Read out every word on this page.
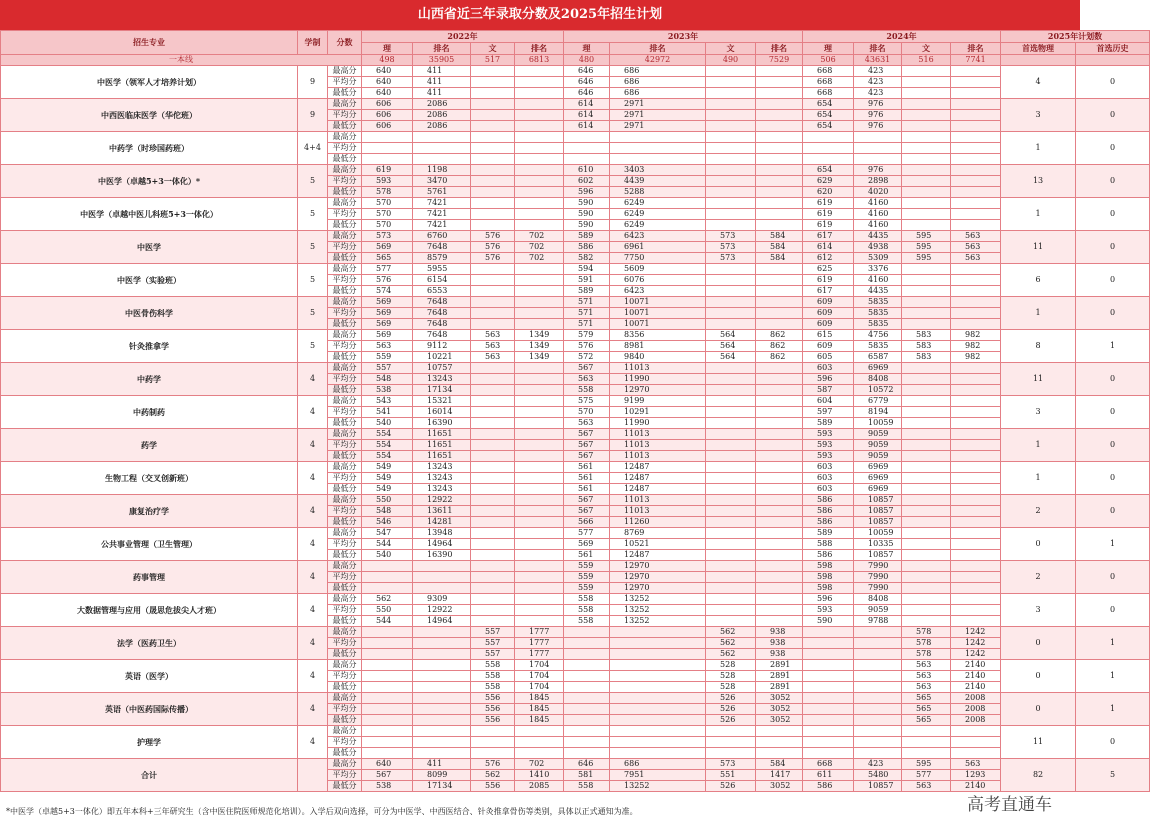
山西省近三年录取分数及2025年招生计划
招生专业	学制	分数	2022年				2023年				2024年				2025年计划数	
			理	排名	文	排名	理	排名	文	排名	理	排名	文	排名	首选物理	首选历史
一本线			498	35905	517	6813	480	42972	490	7529	506	43631	516	7741		
中医学（领军人才培养计划）	9	最高分	640	411			646	686			668	423			4	0
		平均分	640	411			646	686			668	423				
		最低分	640	411			646	686			668	423				
中西医临床医学（华佗班）	9	最高分	606	2086			614	2971			654	976			3	0
		平均分	606	2086			614	2971			654	976				
		最低分	606	2086			614	2971			654	976				
中药学（时珍国药班）	4+4	最高分													1	0
		平均分														
		最低分														
中医学（卓越5+3一体化）*	5	最高分	619	1198			610	3403			654	976			13	0
		平均分	593	3470			602	4439			629	2898				
		最低分	578	5761			596	5288			620	4020				
中医学（卓越中医儿科班5+3一体化）	5	最高分	570	7421			590	6249			619	4160			1	0
		平均分	570	7421			590	6249			619	4160				
		最低分	570	7421			590	6249			619	4160				
中医学	5	最高分	573	6760	576	702	589	6423	573	584	617	4435	595	563	11	0
		平均分	569	7648	576	702	586	6961	573	584	614	4938	595	563		
		最低分	565	8579	576	702	582	7750	573	584	612	5309	595	563		
中医学（实验班）	5	最高分	577	5955			594	5609			625	3376			6	0
		平均分	576	6154			591	6076			619	4160				
		最低分	574	6553			589	6423			617	4435				
中医骨伤科学	5	最高分	569	7648			571	10071			609	5835			1	0
		平均分	569	7648			571	10071			609	5835				
		最低分	569	7648			571	10071			609	5835				
针灸推拿学	5	最高分	569	7648	563	1349	579	8356	564	862	615	4756	583	982	8	1
		平均分	563	9112	563	1349	576	8981	564	862	609	5835	583	982		
		最低分	559	10221	563	1349	572	9840	564	862	605	6587	583	982		
中药学	4	最高分	557	10757			567	11013			603	6969			11	0
		平均分	548	13243			563	11990			596	8408				
		最低分	538	17134			558	12970			587	10572				
中药制药	4	最高分	543	15321			575	9199			604	6779			3	0
		平均分	541	16014			570	10291			597	8194				
		最低分	540	16390			563	11990			589	10059				
药学	4	最高分	554	11651			567	11013			593	9059			1	0
		平均分	554	11651			567	11013			593	9059				
		最低分	554	11651			567	11013			593	9059				
生物工程（交叉创新班）	4	最高分	549	13243			561	12487			603	6969			1	0
		平均分	549	13243			561	12487			603	6969				
		最低分	549	13243			561	12487			603	6969				
康复治疗学	4	最高分	550	12922			567	11013			586	10857			2	0
		平均分	548	13611			567	11013			586	10857				
		最低分	546	14281			566	11260			586	10857				
公共事业管理（卫生管理）	4	最高分	547	13948			577	8769			589	10059			0	1
		平均分	544	14964			569	10521			588	10335				
		最低分	540	16390			561	12487			586	10857				
药事管理	4	最高分					559	12970			598	7990			2	0
		平均分					559	12970			598	7990				
		最低分					559	12970			598	7990				
大数据管理与应用（晟思危拔尖人才班）	4	最高分	562	9309			558	13252			596	8408			3	0
		平均分	550	12922			558	13252			593	9059				
		最低分	544	14964			558	13252			590	9788				
法学（医药卫生）	4	最高分			557	1777			562	938			578	1242	0	1
		平均分			557	1777			562	938			578	1242		
		最低分			557	1777			562	938			578	1242		
英语（医学）	4	最高分			558	1704			528	2891			563	2140	0	1
		平均分			558	1704			528	2891			563	2140		
		最低分			558	1704			528	2891			563	2140		
英语（中医药国际传播）	4	最高分			556	1845			526	3052			565	2008	0	1
		平均分			556	1845			526	3052			565	2008		
		最低分			556	1845			526	3052			565	2008		
护理学	4	最高分													11	0
		平均分														
		最低分														
合计		最高分	640	411	576	702	646	686	573	584	668	423	595	563	82	5
		平均分	567	8099	562	1410	581	7951	551	1417	611	5480	577	1293		
		最低分	538	17134	556	2085	558	13252	526	3052	586	10857	563	2140		
*中医学（卓越5+3一体化）即五年本科+三年研究生（含中医住院医师规范化培训）。入学后双向选择，可分为中医学、中西医结合、针灸推拿骨伤等类别，具体以正式通知为准。	高考直通车
